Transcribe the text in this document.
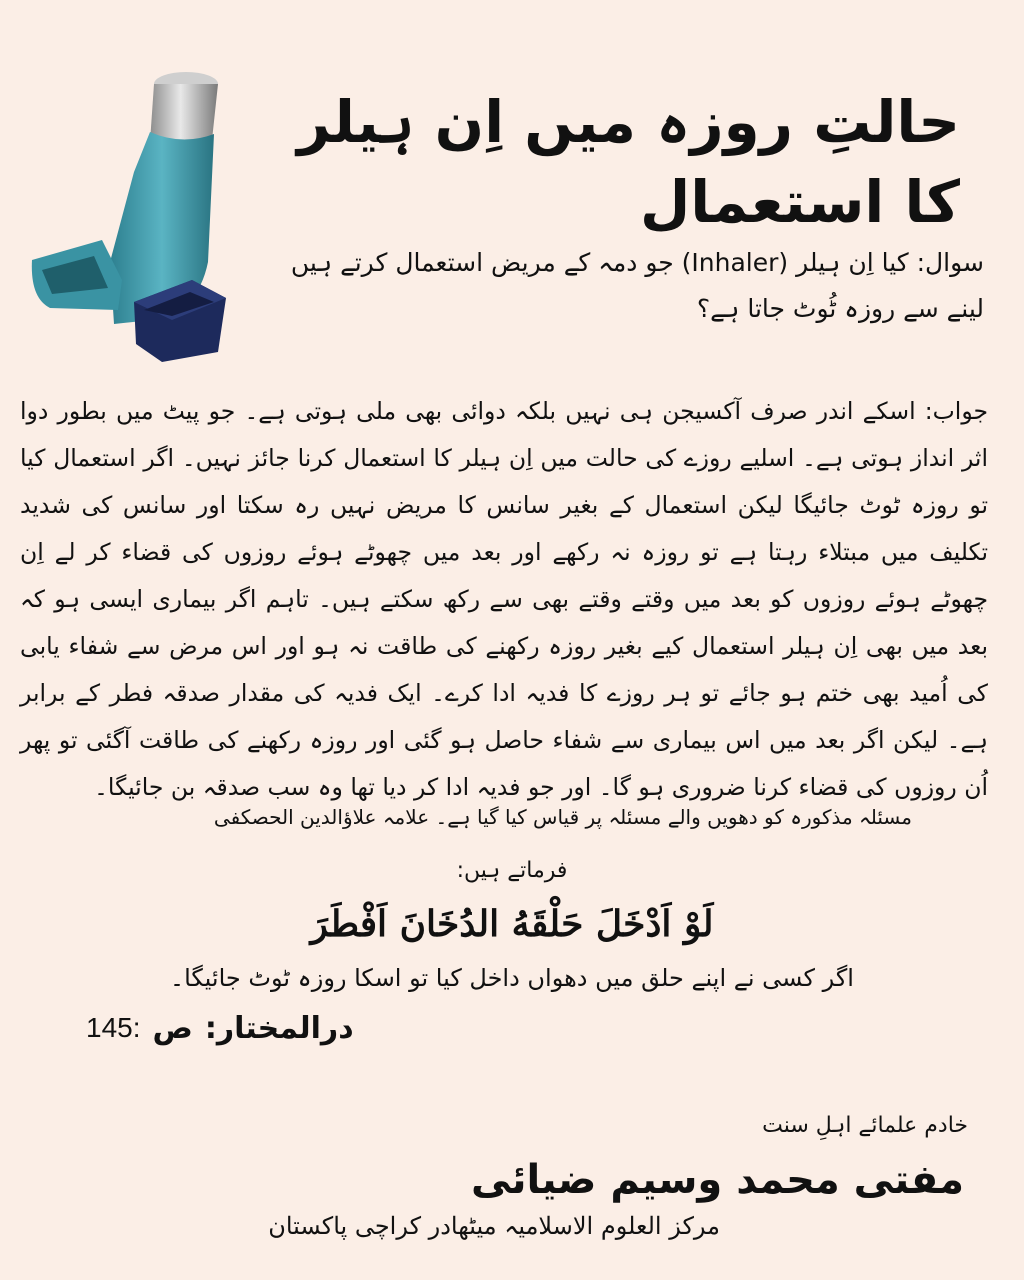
حالتِ روزہ میں اِن ہیلر کا استعمال
سوال: کیا اِن ہیلر (Inhaler) جو دمہ کے مریض استعمال کرتے ہیں لینے سے روزہ ٹُوٹ جاتا ہے؟
جواب: اسکے اندر صرف آکسیجن ہی نہیں بلکہ دوائی بھی ملی ہوتی ہے۔ جو پیٹ میں بطور دوا اثر انداز ہوتی ہے۔ اسلیے روزے کی حالت میں اِن ہیلر کا استعمال کرنا جائز نہیں۔ اگر استعمال کیا تو روزہ ٹوٹ جائیگا لیکن استعمال کے بغیر سانس کا مریض نہیں رہ سکتا اور سانس کی شدید تکلیف میں مبتلاء رہتا ہے تو روزہ نہ رکھے اور بعد میں چھوٹے ہوئے روزوں کی قضاء کر لے اِن چھوٹے ہوئے روزوں کو بعد میں وقتے وقتے بھی سے رکھ سکتے ہیں۔ تاہم اگر بیماری ایسی ہو کہ بعد میں بھی اِن ہیلر استعمال کیے بغیر روزہ رکھنے کی طاقت نہ ہو اور اس مرض سے شفاء یابی کی اُمید بھی ختم ہو جائے تو ہر روزے کا فدیہ ادا کرے۔ ایک فدیہ کی مقدار صدقہ فطر کے برابر ہے۔ لیکن اگر بعد میں اس بیماری سے شفاء حاصل ہو گئی اور روزہ رکھنے کی طاقت آگئی تو پھر اُن روزوں کی قضاء کرنا ضروری ہو گا۔ اور جو فدیہ ادا کر دیا تھا وہ سب صدقہ بن جائیگا۔
مسئلہ مذکورہ کو دھویں والے مسئلہ پر قیاس کیا گیا ہے۔ علامہ علاؤالدین الحصکفی
فرماتے ہیں:
لَوْ اَدْخَلَ حَلْقَهُ الدُخَانَ اَفْطَرَ
اگر کسی نے اپنے حلق میں دھواں داخل کیا تو اسکا روزہ ٹوٹ جائیگا۔
145: ص درالمختار:
خادم علمائے اہلِ سنت
مفتی محمد وسیم ضیائی
مرکز العلوم الاسلامیہ میٹھادر کراچی پاکستان
